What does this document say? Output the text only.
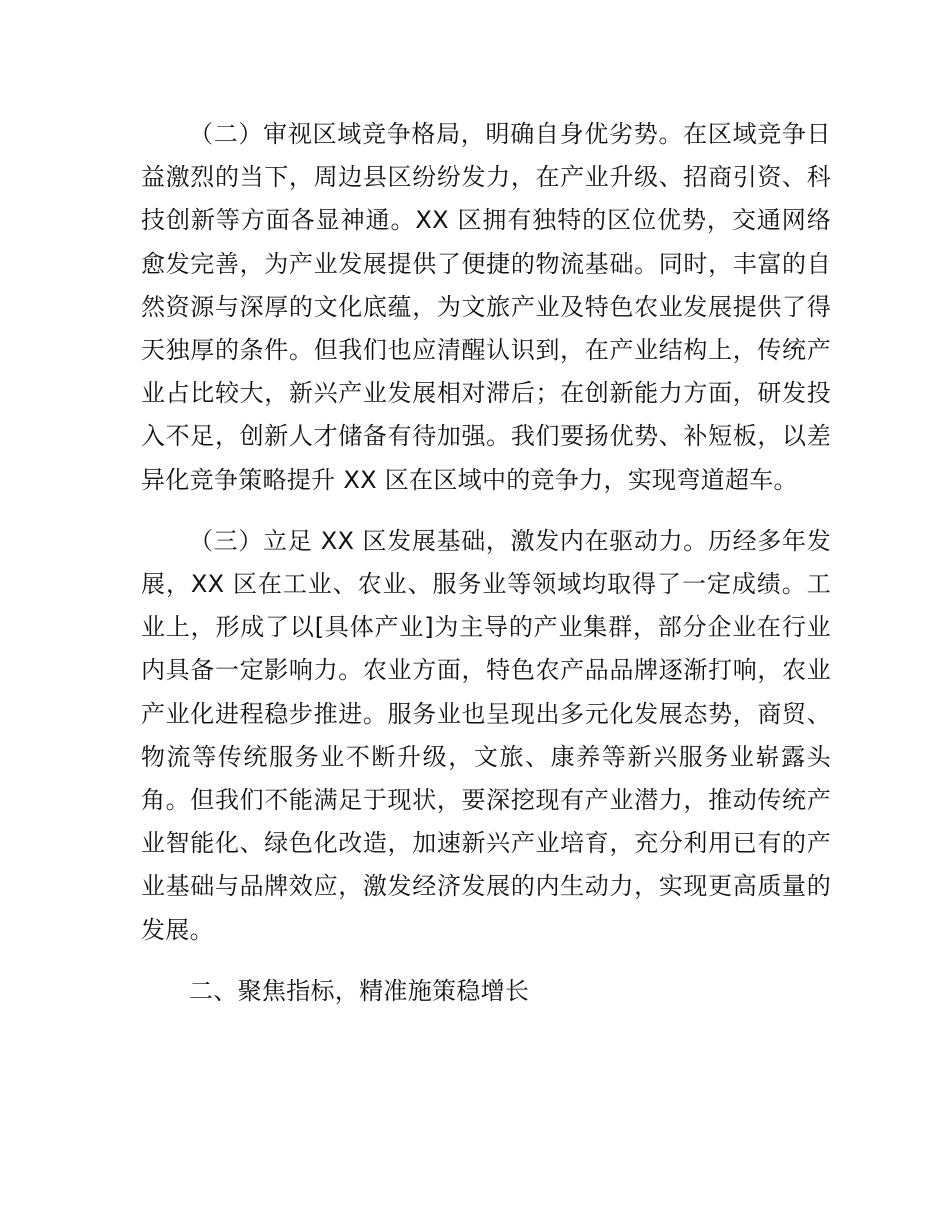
（二）审视区域竞争格局，明确自身优劣势。在区域竞争日益激烈的当下，周边县区纷纷发力，在产业升级、招商引资、科技创新等方面各显神通。XX 区拥有独特的区位优势，交通网络愈发完善，为产业发展提供了便捷的物流基础。同时，丰富的自然资源与深厚的文化底蕴，为文旅产业及特色农业发展提供了得天独厚的条件。但我们也应清醒认识到，在产业结构上，传统产业占比较大，新兴产业发展相对滞后；在创新能力方面，研发投入不足，创新人才储备有待加强。我们要扬优势、补短板，以差异化竞争策略提升 XX 区在区域中的竞争力，实现弯道超车。

（三）立足 XX 区发展基础，激发内在驱动力。历经多年发展，XX 区在工业、农业、服务业等领域均取得了一定成绩。工业上，形成了以[具体产业]为主导的产业集群，部分企业在行业内具备一定影响力。农业方面，特色农产品品牌逐渐打响，农业产业化进程稳步推进。服务业也呈现出多元化发展态势，商贸、物流等传统服务业不断升级，文旅、康养等新兴服务业崭露头角。但我们不能满足于现状，要深挖现有产业潜力，推动传统产业智能化、绿色化改造，加速新兴产业培育，充分利用已有的产业基础与品牌效应，激发经济发展的内生动力，实现更高质量的发展。

二、聚焦指标，精准施策稳增长
